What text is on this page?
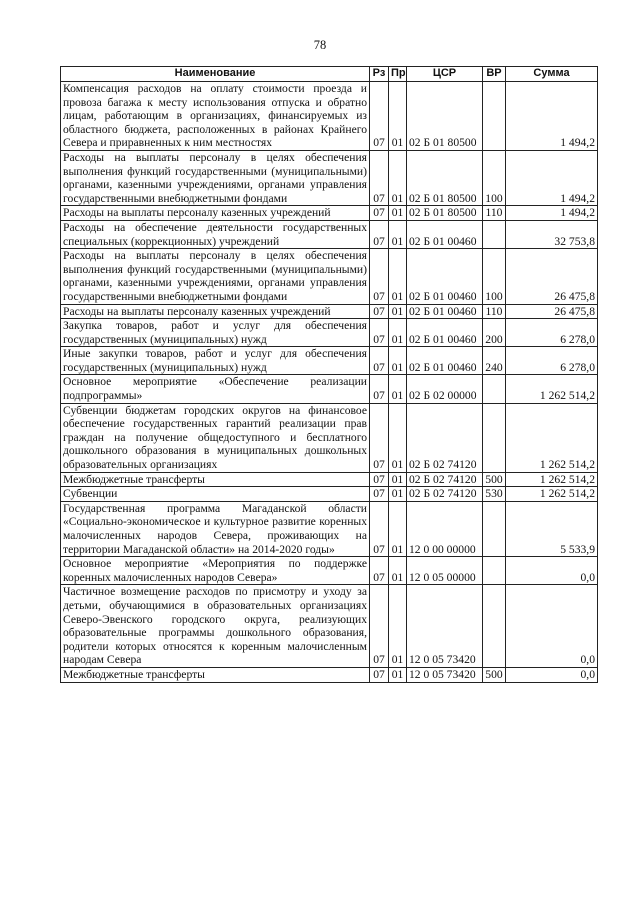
78
Наименование	Рз	Пр	ЦСР	ВР	Сумма
Компенсация расходов на оплату стоимости проезда и провоза багажа к месту использования отпуска и обратно лицам, работающим в организациях, финансируемых из областного бюджета, расположенных в районах Крайнего Севера и приравненных к ним местностях	07	01	02 Б 01 80500		1 494,2
Расходы на выплаты персоналу в целях обеспечения выполнения функций государственными (муниципальными) органами, казенными учреждениями, органами управления государственными внебюджетными фондами	07	01	02 Б 01 80500	100	1 494,2
Расходы на выплаты персоналу казенных учреждений	07	01	02 Б 01 80500	110	1 494,2
Расходы на обеспечение деятельности государственных специальных (коррекционных) учреждений	07	01	02 Б 01 00460		32 753,8
Расходы на выплаты персоналу в целях обеспечения выполнения функций государственными (муниципальными) органами, казенными учреждениями, органами управления государственными внебюджетными фондами	07	01	02 Б 01 00460	100	26 475,8
Расходы на выплаты персоналу казенных учреждений	07	01	02 Б 01 00460	110	26 475,8
Закупка товаров, работ и услуг для обеспечения государственных (муниципальных) нужд	07	01	02 Б 01 00460	200	6 278,0
Иные закупки товаров, работ и услуг для обеспечения государственных (муниципальных) нужд	07	01	02 Б 01 00460	240	6 278,0
Основное мероприятие «Обеспечение реализации подпрограммы»	07	01	02 Б 02 00000		1 262 514,2
Субвенции бюджетам городских округов на финансовое обеспечение государственных гарантий реализации прав граждан на получение общедоступного и бесплатного дошкольного образования в муниципальных дошкольных образовательных организациях	07	01	02 Б 02 74120		1 262 514,2
Межбюджетные трансферты	07	01	02 Б 02 74120	500	1 262 514,2
Субвенции	07	01	02 Б 02 74120	530	1 262 514,2
Государственная программа Магаданской области «Социально-экономическое и культурное развитие коренных малочисленных народов Севера, проживающих на территории Магаданской области» на 2014-2020 годы»	07	01	12 0 00 00000		5 533,9
Основное мероприятие «Мероприятия по поддержке коренных малочисленных народов Севера»	07	01	12 0 05 00000		0,0
Частичное возмещение расходов по присмотру и уходу за детьми, обучающимися в образовательных организациях Северо-Эвенского городского округа, реализующих образовательные программы дошкольного образования, родители которых относятся к коренным малочисленным народам Севера	07	01	12 0 05 73420		0,0
Межбюджетные трансферты	07	01	12 0 05 73420	500	0,0
